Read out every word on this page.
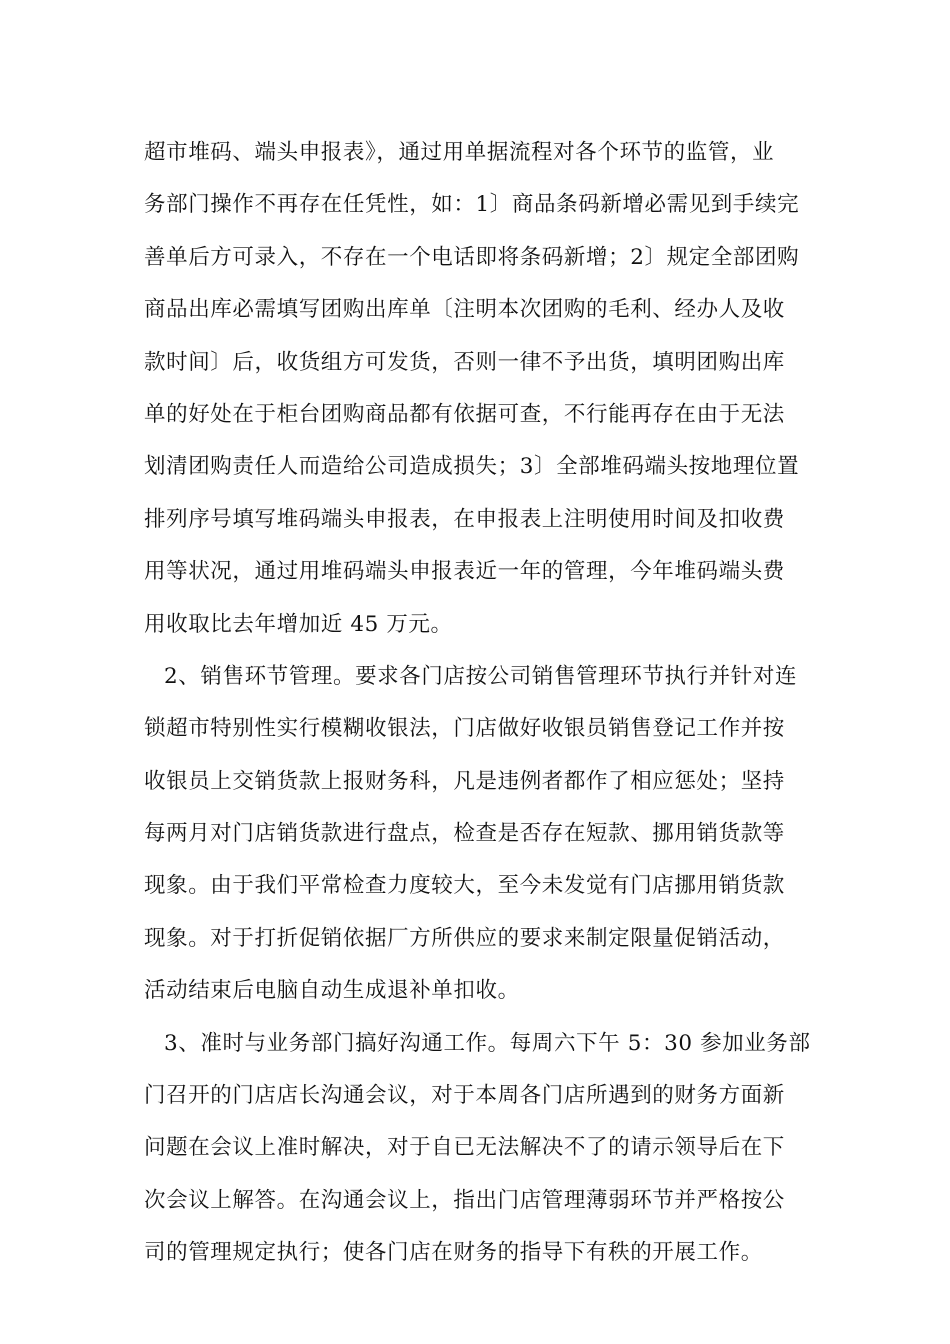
超市堆码、端头申报表》，通过用单据流程对各个环节的监管，业
务部门操作不再存在任凭性，如：1〕商品条码新增必需见到手续完
善单后方可录入，不存在一个电话即将条码新增；2〕规定全部团购
商品出库必需填写团购出库单〔注明本次团购的毛利、经办人及收
款时间〕后，收货组方可发货，否则一律不予出货，填明团购出库
单的好处在于柜台团购商品都有依据可查，不行能再存在由于无法
划清团购责任人而造给公司造成损失；3〕全部堆码端头按地理位置
排列序号填写堆码端头申报表，在申报表上注明使用时间及扣收费
用等状况，通过用堆码端头申报表近一年的管理，今年堆码端头费
用收取比去年增加近 45 万元。
2、销售环节管理。要求各门店按公司销售管理环节执行并针对连
锁超市特别性实行模糊收银法，门店做好收银员销售登记工作并按
收银员上交销货款上报财务科，凡是违例者都作了相应惩处；坚持
每两月对门店销货款进行盘点，检查是否存在短款、挪用销货款等
现象。由于我们平常检查力度较大，至今未发觉有门店挪用销货款
现象。对于打折促销依据厂方所供应的要求来制定限量促销活动，
活动结束后电脑自动生成退补单扣收。
3、准时与业务部门搞好沟通工作。每周六下午 5：30 参加业务部
门召开的门店店长沟通会议，对于本周各门店所遇到的财务方面新
问题在会议上准时解决，对于自已无法解决不了的请示领导后在下
次会议上解答。在沟通会议上，指出门店管理薄弱环节并严格按公
司的管理规定执行；使各门店在财务的指导下有秩的开展工作。
